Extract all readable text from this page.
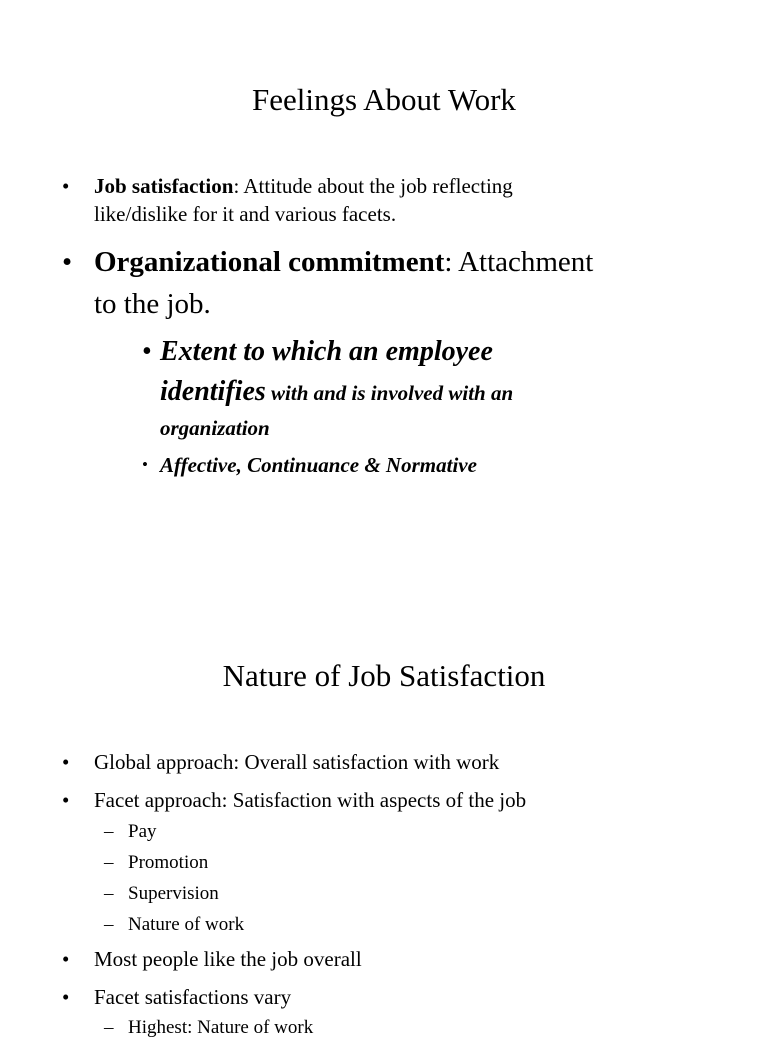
Feelings About Work
• Job satisfaction: Attitude about the job reflecting
like/dislike for it and various facets.
• Organizational commitment: Attachment
to the job.
• Extent to which an employee
identifies with and is involved with an
organization
• Affective, Continuance & Normative
Nature of Job Satisfaction
• Global approach: Overall satisfaction with work
• Facet approach: Satisfaction with aspects of the job
– Pay
– Promotion
– Supervision
– Nature of work
• Most people like the job overall
• Facet satisfactions vary
– Highest: Nature of work
